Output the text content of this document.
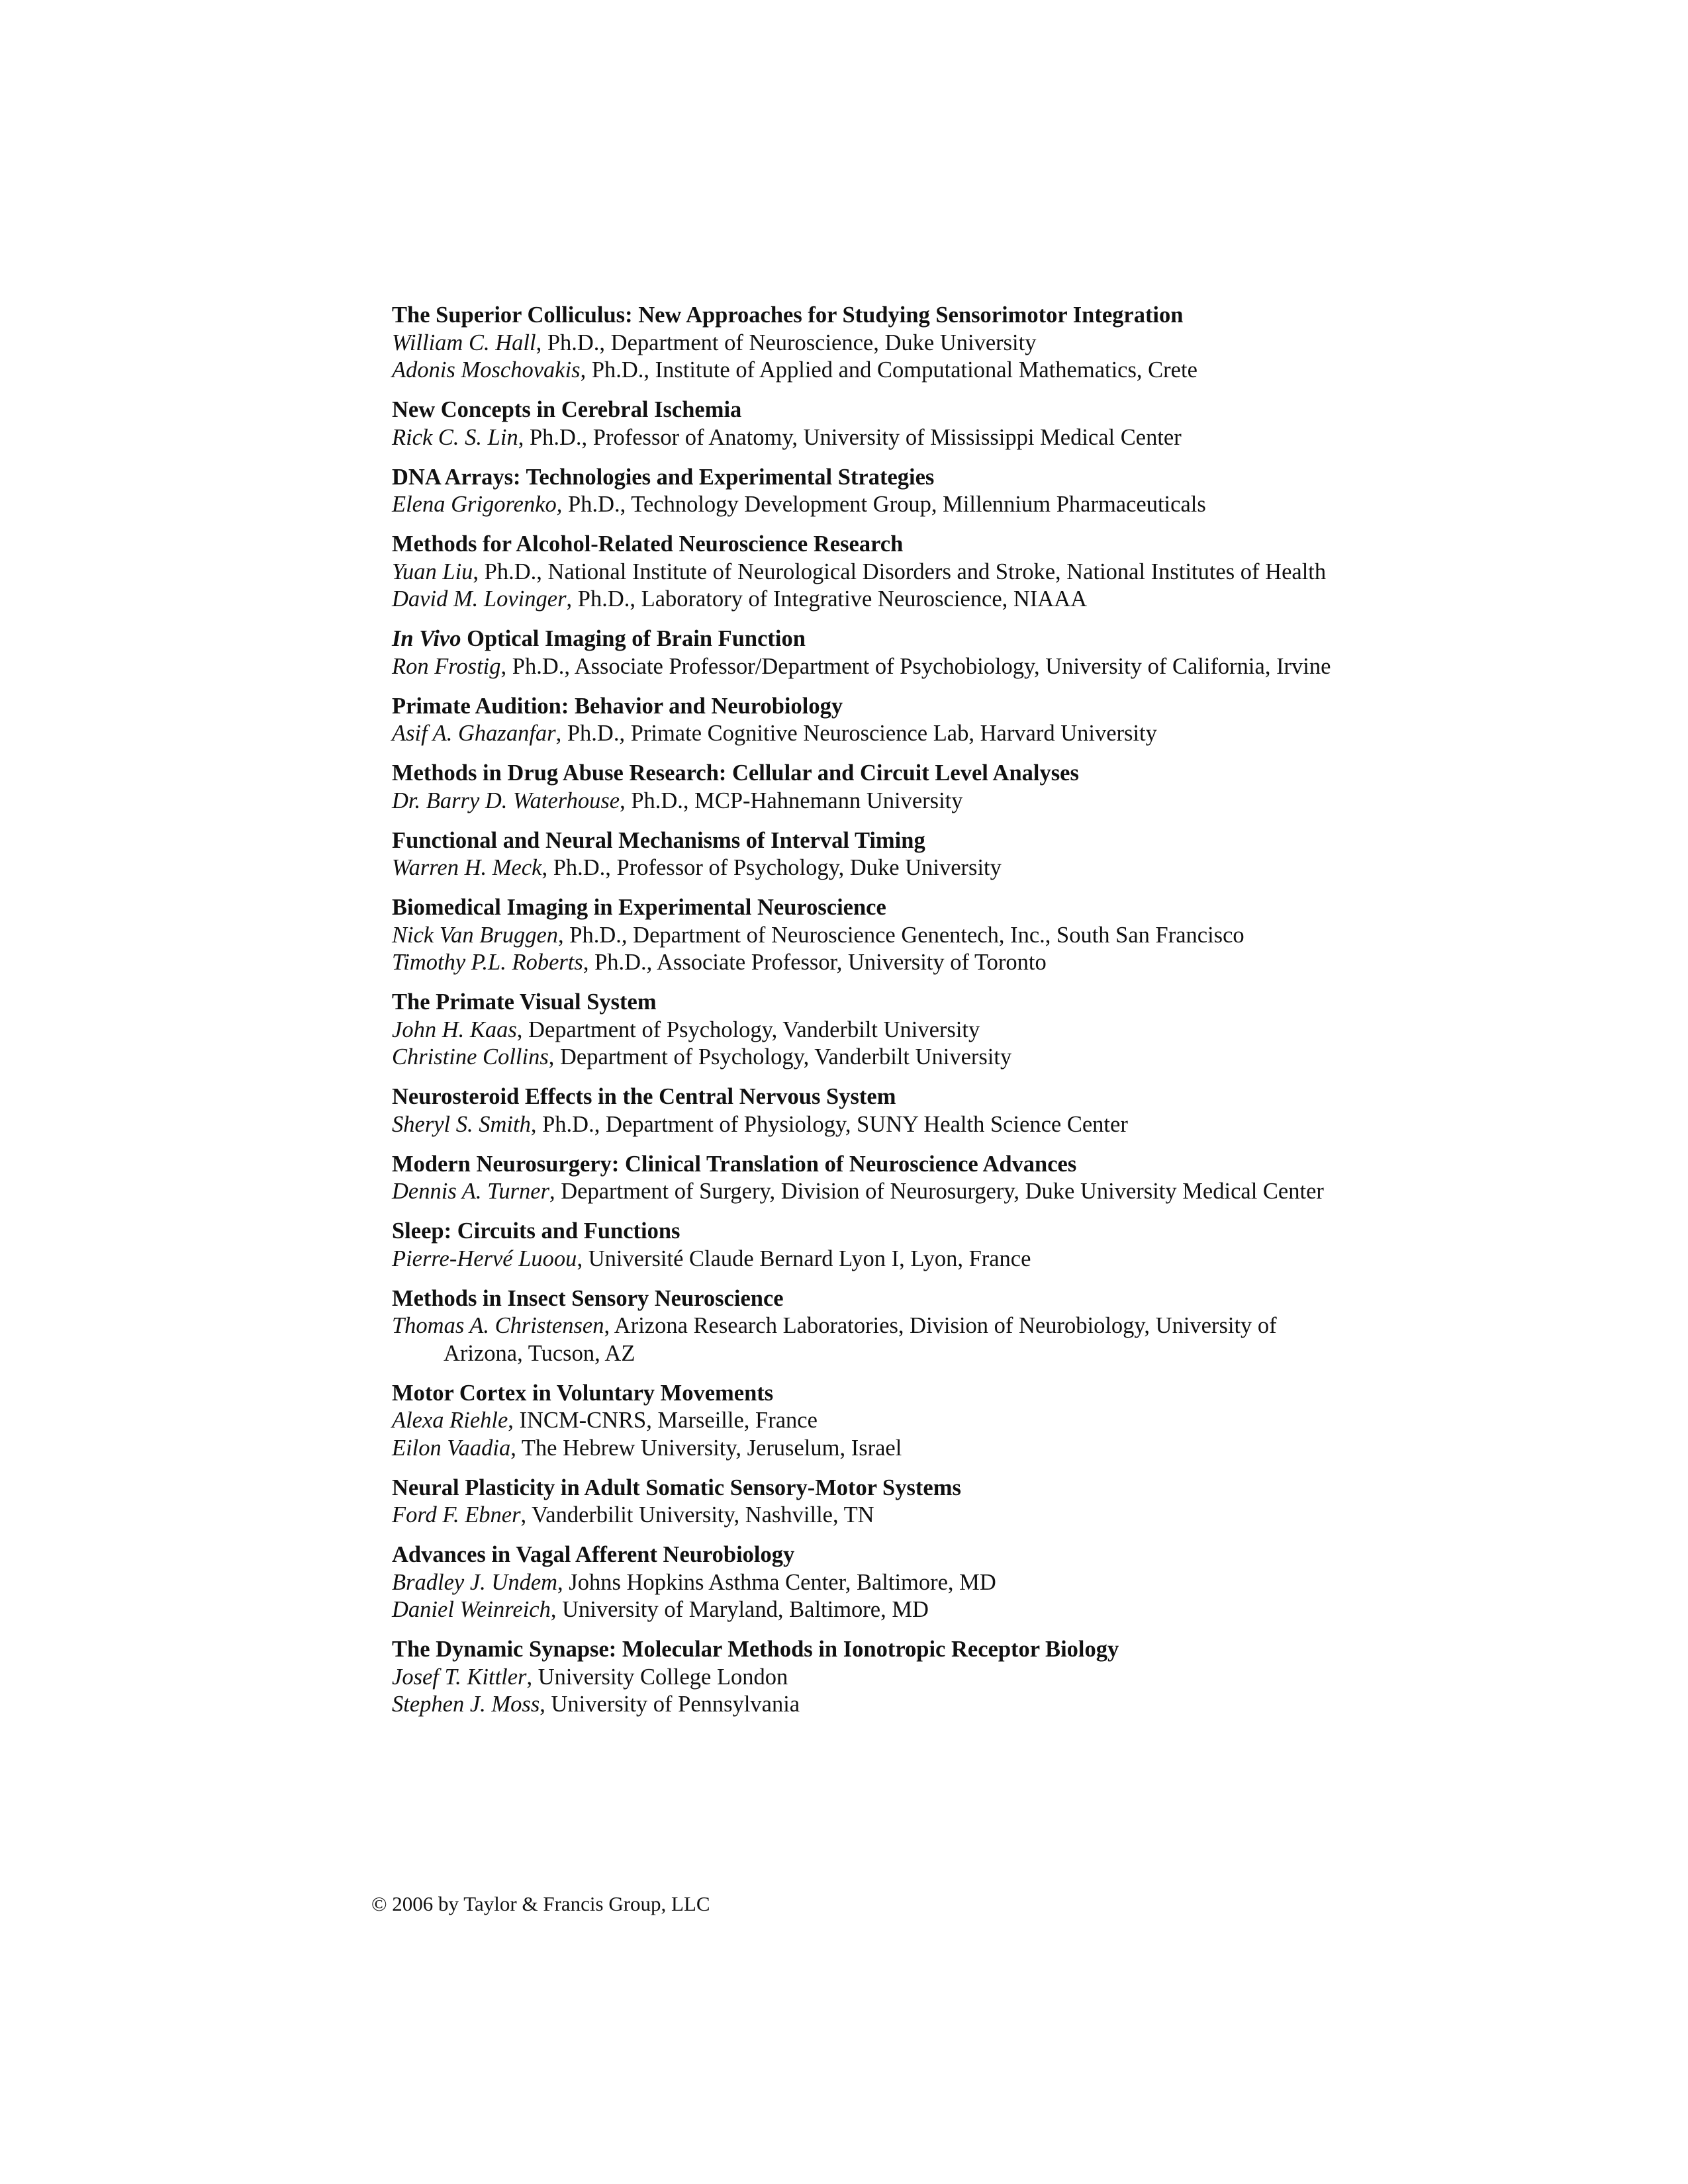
The Superior Colliculus: New Approaches for Studying Sensorimotor Integration
William C. Hall, Ph.D., Department of Neuroscience, Duke University
Adonis Moschovakis, Ph.D., Institute of Applied and Computational Mathematics, Crete
New Concepts in Cerebral Ischemia
Rick C. S. Lin, Ph.D., Professor of Anatomy, University of Mississippi Medical Center
DNA Arrays: Technologies and Experimental Strategies
Elena Grigorenko, Ph.D., Technology Development Group, Millennium Pharmaceuticals
Methods for Alcohol-Related Neuroscience Research
Yuan Liu, Ph.D., National Institute of Neurological Disorders and Stroke, National Institutes of Health
David M. Lovinger, Ph.D., Laboratory of Integrative Neuroscience, NIAAA
In Vivo Optical Imaging of Brain Function
Ron Frostig, Ph.D., Associate Professor/Department of Psychobiology, University of California, Irvine
Primate Audition: Behavior and Neurobiology
Asif A. Ghazanfar, Ph.D., Primate Cognitive Neuroscience Lab, Harvard University
Methods in Drug Abuse Research: Cellular and Circuit Level Analyses
Dr. Barry D. Waterhouse, Ph.D., MCP-Hahnemann University
Functional and Neural Mechanisms of Interval Timing
Warren H. Meck, Ph.D., Professor of Psychology, Duke University
Biomedical Imaging in Experimental Neuroscience
Nick Van Bruggen, Ph.D., Department of Neuroscience Genentech, Inc., South San Francisco
Timothy P.L. Roberts, Ph.D., Associate Professor, University of Toronto
The Primate Visual System
John H. Kaas, Department of Psychology, Vanderbilt University
Christine Collins, Department of Psychology, Vanderbilt University
Neurosteroid Effects in the Central Nervous System
Sheryl S. Smith, Ph.D., Department of Physiology, SUNY Health Science Center
Modern Neurosurgery: Clinical Translation of Neuroscience Advances
Dennis A. Turner, Department of Surgery, Division of Neurosurgery, Duke University Medical Center
Sleep: Circuits and Functions
Pierre-Hervé Luoou, Université Claude Bernard Lyon I, Lyon, France
Methods in Insect Sensory Neuroscience
Thomas A. Christensen, Arizona Research Laboratories, Division of Neurobiology, University of Arizona, Tucson, AZ
Motor Cortex in Voluntary Movements
Alexa Riehle, INCM-CNRS, Marseille, France
Eilon Vaadia, The Hebrew University, Jeruselum, Israel
Neural Plasticity in Adult Somatic Sensory-Motor Systems
Ford F. Ebner, Vanderbilit University, Nashville, TN
Advances in Vagal Afferent Neurobiology
Bradley J. Undem, Johns Hopkins Asthma Center, Baltimore, MD
Daniel Weinreich, University of Maryland, Baltimore, MD
The Dynamic Synapse: Molecular Methods in Ionotropic Receptor Biology
Josef T. Kittler, University College London
Stephen J. Moss, University of Pennsylvania
© 2006 by Taylor & Francis Group, LLC
